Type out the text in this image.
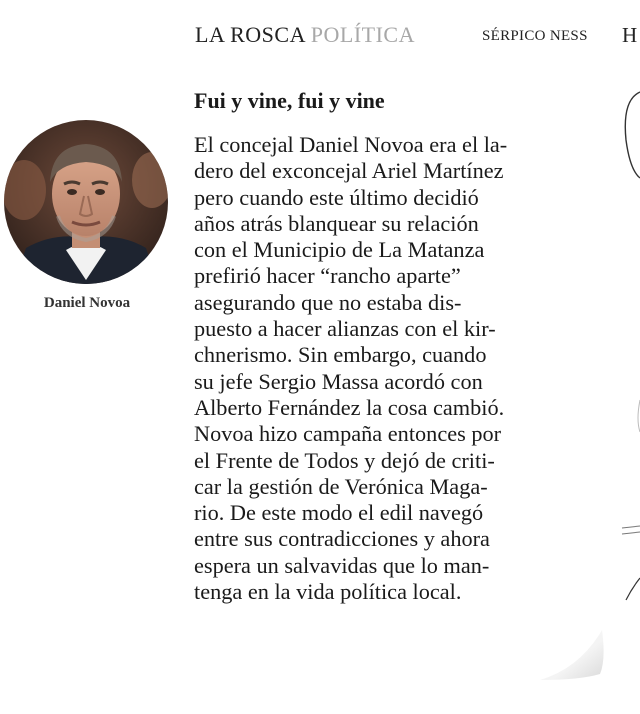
LA ROSCA POLÍTICA	SÉRPICO NESS H
Daniel Novoa
Fui y vine, fui y vine
El concejal Daniel Novoa era el la-
dero del exconcejal Ariel Martínez
pero cuando este último decidió
años atrás blanquear su relación
con el Municipio de La Matanza
prefirió hacer “rancho aparte”
asegurando que no estaba dis-
puesto a hacer alianzas con el kir-
chnerismo. Sin embargo, cuando
su jefe Sergio Massa acordó con
Alberto Fernández la cosa cambió.
Novoa hizo campaña entonces por
el Frente de Todos y dejó de criti-
car la gestión de Verónica Maga-
rio. De este modo el edil navegó
entre sus contradicciones y ahora
espera un salvavidas que lo man-
tenga en la vida política local.
